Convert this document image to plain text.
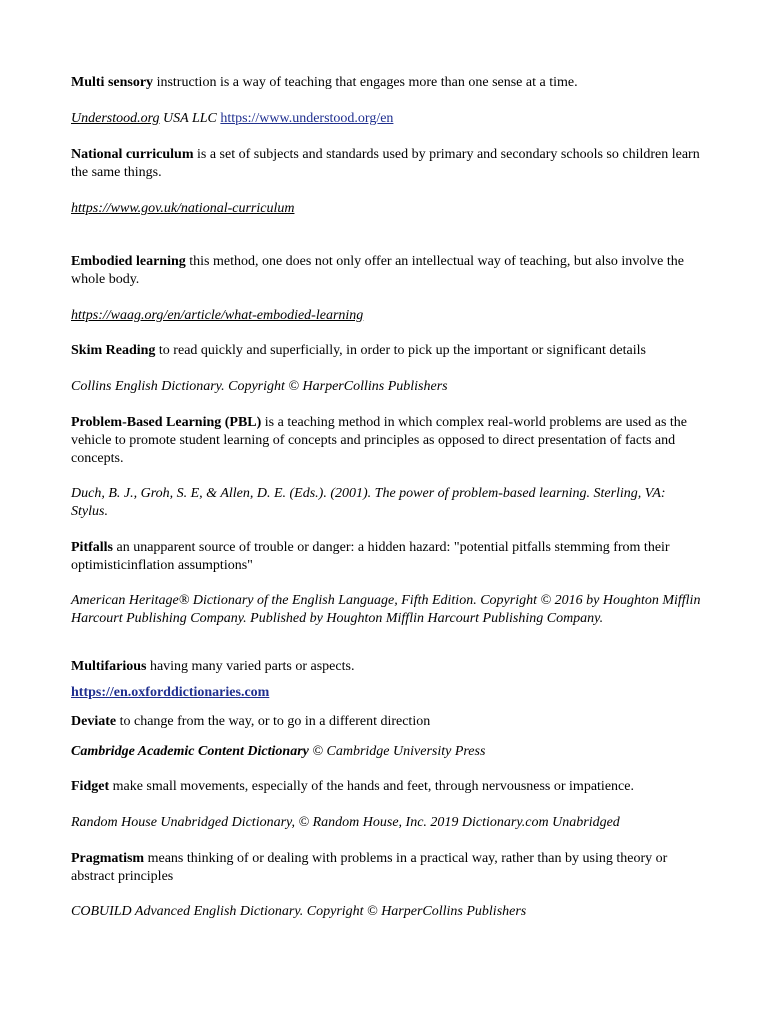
Multi sensory instruction is a way of teaching that engages more than one sense at a time.

Understood.org USA LLC https://www.understood.org/en

National curriculum is a set of subjects and standards used by primary and secondary schools so children learn the same things.

https://www.gov.uk/national-curriculum

Embodied learning this method, one does not only offer an intellectual way of teaching, but also involve the whole body.

https://waag.org/en/article/what-embodied-learning

Skim Reading to read quickly and superficially, in order to pick up the important or significant details

Collins English Dictionary. Copyright © HarperCollins Publishers

Problem-Based Learning (PBL) is a teaching method in which complex real-world problems are used as the vehicle to promote student learning of concepts and principles as opposed to direct presentation of facts and concepts.

Duch, B. J., Groh, S. E, & Allen, D. E. (Eds.). (2001). The power of problem-based learning. Sterling, VA: Stylus.

Pitfalls an unapparent source of trouble or danger: a hidden hazard: "potential pitfalls stemming from their optimisticinflation assumptions"

American Heritage® Dictionary of the English Language, Fifth Edition. Copyright © 2016 by Houghton Mifflin Harcourt Publishing Company. Published by Houghton Mifflin Harcourt Publishing Company.

Multifarious having many varied parts or aspects.

https://en.oxforddictionaries.com

Deviate to change from the way, or to go in a different direction

Cambridge Academic Content Dictionary © Cambridge University Press

Fidget make small movements, especially of the hands and feet, through nervousness or impatience.

Random House Unabridged Dictionary, © Random House, Inc. 2019 Dictionary.com Unabridged

Pragmatism means thinking of or dealing with problems in a practical way, rather than by using theory or abstract principles

COBUILD Advanced English Dictionary. Copyright © HarperCollins Publishers
